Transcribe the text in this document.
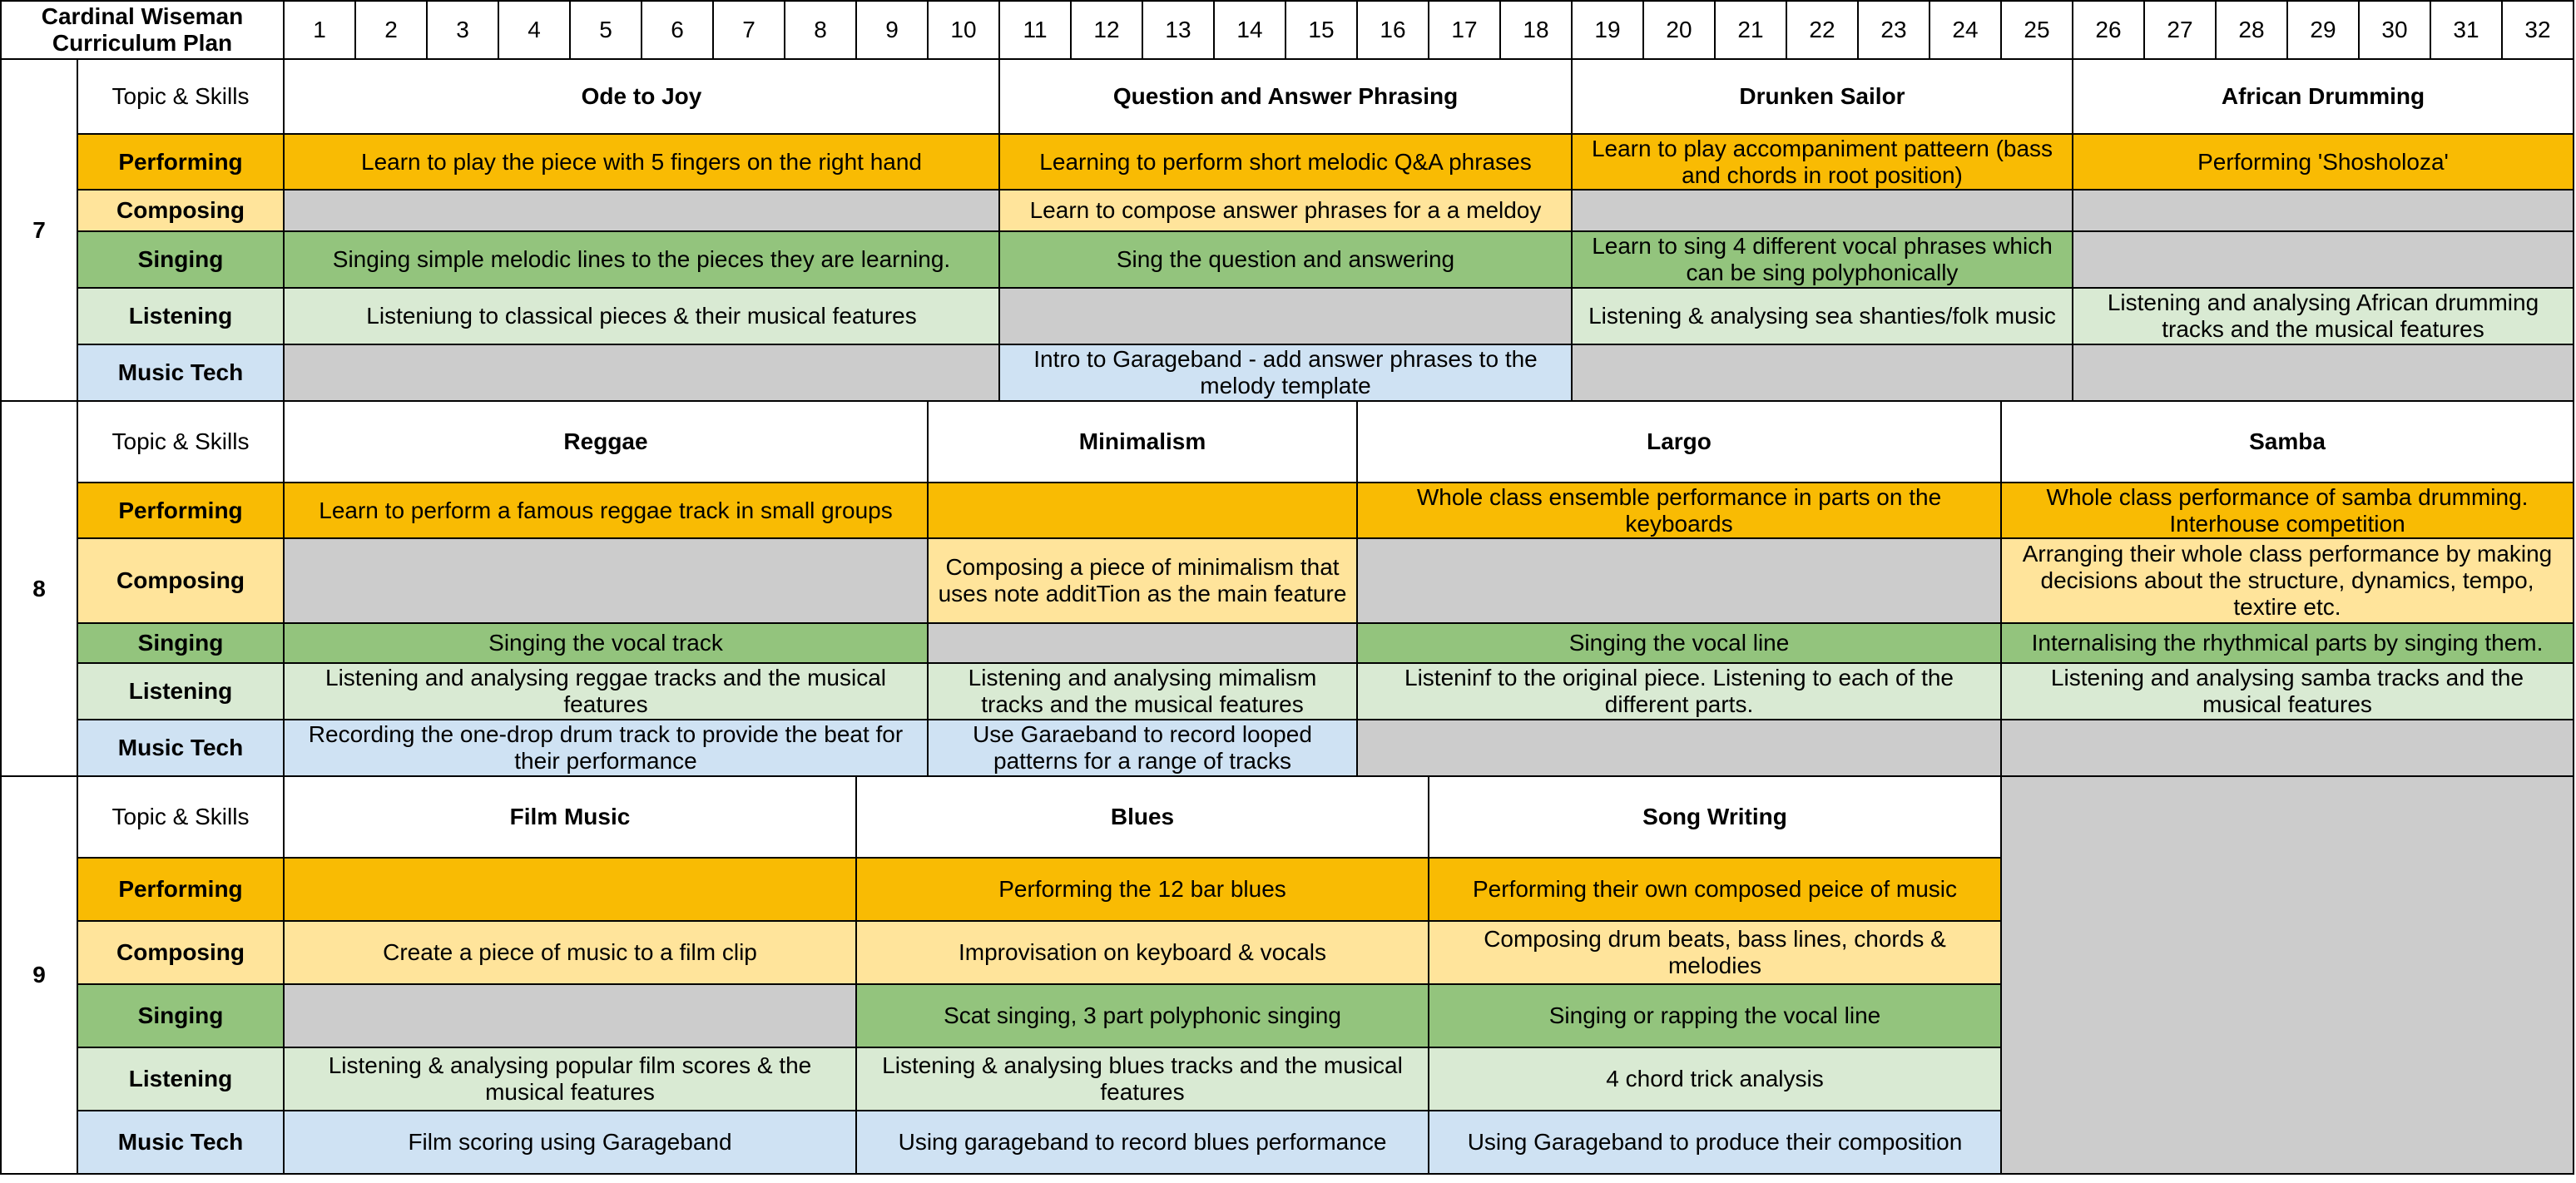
Cardinal Wiseman Curriculum Plan		1	2	3	4	5	6	7	8	9	10	11	12	13	14	15	16	17	18	19	20	21	22	23	24	25	26	27	28	29	30	31	32
7	Topic & Skills	Ode to Joy										Question and Answer Phrasing								Drunken Sailor							African Drumming						
	Performing	Learn to play the piece with 5 fingers on the right hand										Learning to perform short melodic Q&A phrases								Learn to play accompaniment patteern (bass and chords in root position)							Performing 'Shosholoza'						
	Composing											Learn to compose answer phrases for a a meldoy																					
	Singing	Singing simple melodic lines to the pieces they are learning.										Sing the question and answering								Learn to sing 4 different vocal phrases which can be sing polyphonically													
	Listening	Listeniung to classical pieces & their musical features																		Listening & analysing sea shanties/folk music							Listening and analysing African drumming tracks and the musical features						
	Music Tech											Intro to Garageband - add answer phrases to the melody template																					
8	Topic & Skills	Reggae									Minimalism						Largo									Samba							
	Performing	Learn to perform a famous reggae track in small groups															Whole class ensemble performance in parts on the keyboards									Whole class performance of samba drumming. Interhouse competition							
	Composing										Composing a piece of minimalism that uses note additTion as the main feature															Arranging their whole class performance by making decisions about the structure, dynamics, tempo, textire etc.							
	Singing	Singing the vocal track															Singing the vocal line									Internalising the rhythmical parts by singing them.							
	Listening	Listening and analysing reggae tracks and the musical features									Listening and analysing mimalism tracks and the musical features						Listeninf to the original piece. Listening to each of the different parts.									Listening and analysing samba tracks and the musical features							
	Music Tech	Recording the one-drop drum track to provide the beat for their performance									Use Garaeband to record looped patterns for a range of tracks																						
9	Topic & Skills	Film Music								Blues								Song Writing															
	Performing									Performing the 12 bar blues								Performing their own composed peice of music															
	Composing	Create a piece of music to a film clip								Improvisation on keyboard & vocals								Composing drum beats, bass lines, chords & melodies															
	Singing									Scat singing, 3 part polyphonic singing								Singing or rapping the vocal line															
	Listening	Listening & analysing popular film scores & the musical features								Listening & analysing blues tracks and the musical features								4 chord trick analysis															
	Music Tech	Film scoring using Garageband								Using garageband to record blues performance								Using Garageband to produce their composition															
